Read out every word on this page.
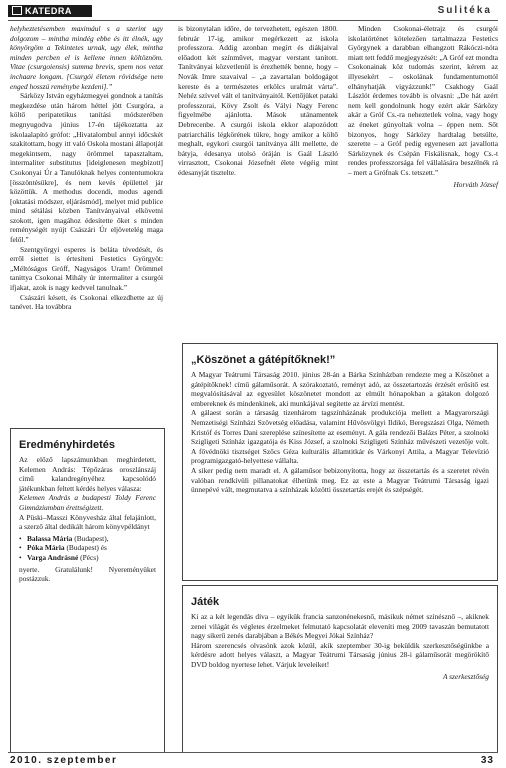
KATEDRA	Sulitéka

helyheztetésemben maximául s a szerint ugy dolgozom – mintha mindég ebbe és itt élnék, ugy könyörgöm a Tekintetes urnak, ugy élek, mintha minden percben el is kellene innen költöznöm. Vitae (csurgoiensis) summa brevis, spem nos vetat inchaare longam. [Csurgói életem rövidsége nem enged hosszú reménybe kezdeni].”

Sárközy István egyházmegyei gondnok a tanítás megkezdése után három héttel jött Csurgóra, a költő peripatetikus tanítási módszerében megnyugodva június 17-én tájékoztatta az iskolaalapító grófot: „Hivatalombul annyi időcskét szakítottam, hogy itt való Oskola mostani állapotját megekintsem, nagy örömmel tapasztaltam, intermaliter substitutus [ideiglenesen megbízott] Csokonyai Úr a Tanulóknak helyes contentumokra [összöntésükre], és nem kevés épülettel jár közöttük. A methodus docendi, modus agendi [oktatási módszer, eljárásmód], melyet mid publice mind sétálási közben Tanítványaival elkövetni szokott, igen magához édesítette őket s minden reménységét nyújt Császári Úr eljövetelég maga felől.”

Szentgyörgyi esperes is beláta tévedését, és erről siettet is értesíteni Festetics Györgyöt: „Méltóságos Gróff, Nagyságos Uram! Örömmel tanittya Csokonai Mihály úr intermaliter a csurgói ifjakat, azok is nagy kedvvel tanulnak.”

Császári késett, és Csokonai elkezdhette az új tanévet. Ha továbbra

is bizonytalan időre, de tervezhetett, egészen 1800. február 17-ig, amikor megérkezett az iskola professzora. Addig azonban megírt és diákjaival előadott két színművet, magyar verstant tanított. Tanítványai közvetlenül is érezhették benne, hogy – Novák Imre szavaival – „a zavartalan boldogágot kereste és a természetes erkölcs uralmát várta”. Nehéz szívvel vált el tanítványaitól. Kettőjüket pataki professzorai, Kövy Zsolt és Vályi Nagy Ferenc figyelmébe ajánlotta. Mások utánamentek Debrecenbe. A csurgói iskola ekkor alapozódott patriarchális légkörének tükre, hogy amikor a költő meghalt, egykori csurgói tanítványa állt mellette, de bátyja, édesanya utolsó óráján is Gaál László virrasztott, Csokonai Józsefnét élete végéig mint édesanyját tisztelte.

Minden Csokonai-életrajz és csurgói iskolatörténet kötelezően tartalmazza Festetics Györgynek a darabban elhangzott Rákóczi-nóta miatt tett feddő megjegyzését: „A Gróf ezt mondta Csokonainak köz tudomás szerint, kérem az illyesekért – oskolának fundamentumottól elhányhatják vigyázzunk!” Csakhogy Gaál Lászlót érdemes tovább is olvasni: „De hát azért nem kell gondolnunk hogy ezért akár Sárközy akár a Gróf Cs.-ra neheztetlek volna, vagy hogy az éneket gúnyoltak volna – éppen nem. Sőt bizonyos, hogy Sárközy hardtalag betsülte, szerette – a Gróf pedig egyenesen azt javallotta Sárközynek és Csépán Fiskálisnak, hogy Cs.-t rendes professzorsága fel vállalására beszélnék rá – mert a Grófnak Cs. tetszett.”

Horváth József
Eredményhirdetés

Az előző lapszámunkban meghirdetett, Kelemen András: Tépőzáras oroszlánszáj című kalandregényéhez kapcsolódó játékunkban feltett kérdés helyes válasza:

Kelemen András a budapesti Toldy Ferenc Gimnáziumban érettségizett.

A Püski–Masszi Könyvesház által felajánlott, a szerző által dedikált három könyvpéldányt

• Balassa Mária (Budapest),
• Póka Mária (Budapest) és
• Varga Andrásné (Pécs)

nyerte. Gratulálunk! Nyereményüket postázzuk.

„Köszönet a gátépítőknek!”

A Magyar Teátrumi Társaság 2010. június 28-án a Bárka Színházban rendezte meg a Köszönet a gátépítőknek! című gálaműsorát. A szórakoztató, reményt adó, az összetartozás érzését erősítő est megvalósításával az egyesület köszönetet mondott az elmúlt hónapokban a gátakon dolgozó embereknek és mindenkinek, aki munkájával segítette az árvízi mentést.

A gálaest során a társaság tizenhárom tagszínházának produkciója mellett a Magyarországi Nemzetiségi Színházi Szövetség előadása, valamint Hűvösvölgyi Ildikó, Beregszászi Olga, Németh Kristóf és Torres Dani szereplése színesítette az eseményt. A gála rendezői Balázs Péter, a szolnoki Szigligeti Színház igazgatója és Kiss József, a szolnoki Szigligeti Színház művészeti vezetője volt. A fővédnöki tisztséget Szőcs Géza kulturális államtitkár és Várkonyi Attila, a Magyar Televízió programigazgató-helyettese vállalta.

A siker pedig nem maradt el. A gálaműsor bebizonyította, hogy az összetartás és a szeretet révén valóban rendkívüli pillanatokat élhetünk meg. Ez az este a Magyar Teátrumi Társaság igazi ünnepévé vált, megmutatva a színházak közötti összetartás erejét és szépségét.

Játék

Ki az a két legendás díva – egyikük francia sanzonénekesnő, másikuk német színésznő –, akiknek zenei világát és végletes érzelmeket felmutató kapcsolatát eleveníti meg 2009 tavaszán bemutatott nagy sikerű zenés darabjában a Békés Megyei Jókai Színház?

Három szerencsés olvasónk azok közül, akik szeptember 30-ig beküldik szerkesztőségünkbe a kérdésre adott helyes választ, a Magyar Teátrumi Társaság június 28-i gálaműsorát megörökítő DVD boldog nyertese lehet. Várjuk leveleiket!

A szerkesztőség
2010. szeptember	33
